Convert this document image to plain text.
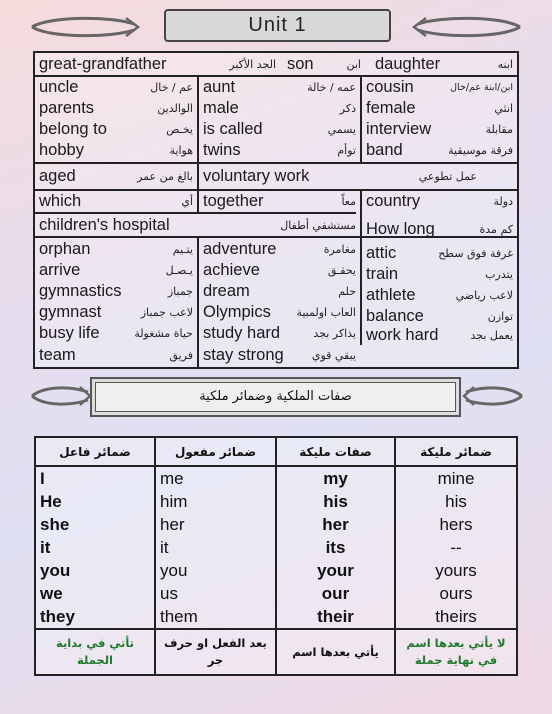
Unit 1
great-grandfather	الجد الأكبر son	ابن daughter	ابنه
uncle	عم / خال aunt	عمه / خالة cousin	ابن/ابنة عم/خال
parents	الوالدين male	ذكر female	انثي
belong to	يخـص is called	يسمي interview	مقابلة
hobby	هواية twins	توأم band	فرقة موسيقية
aged	بالغ من عمر voluntary work	عمل تطوعي
which	أي together	معاً country	دولة
children's hospital	مستشفي أطفال How long	كم مدة
orphan	يتـيم adventure	مغامرة attic	غرفة فوق سطح
arrive	يـصـل achieve	يحقـق train	يتدرب
gymnastics	جمباز dream	حلم athlete	لاعب رياضي
gymnast	لاعب جمباز Olympics العاب اولمبية balance	توازن
busy life	حياة مشغولة study hard	يذاكر بجد work hard	يعمل بجد
team	فريق stay strong	يبقي قوي
صفات الملكية وضمائر ملكية
ضمائر فاعل	ضمائر مفعول	صفات مليكة	ضمائر مليكة
I	me	my	mine
He	him	his	his
she	her	her	hers
it	it	its	--
you	you	your	yours
we	us	our	ours
they	them	their	theirs
تأتي في بداية الجملة
بعد الفعل او حرف جر
يأتي بعدها اسم
لا يأتي بعدها اسم في نهاية جملة
